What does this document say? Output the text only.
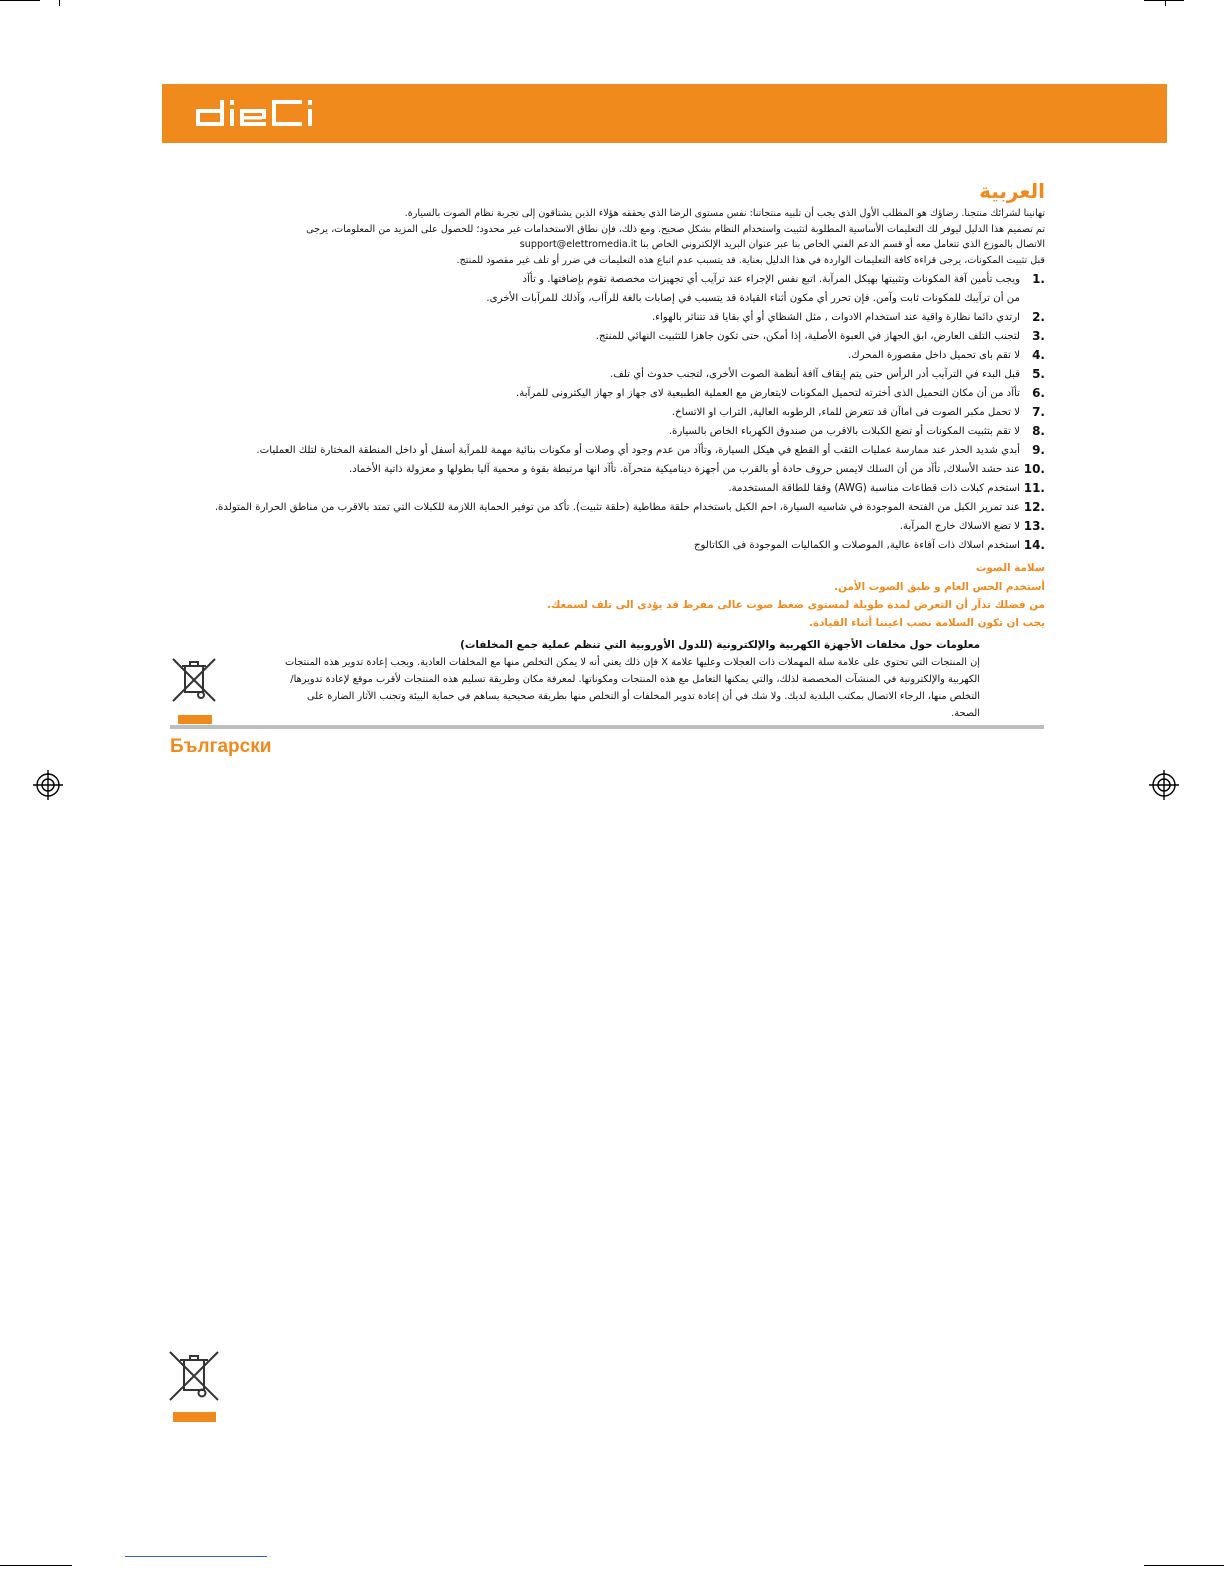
العربية
تهانينا لشرائك منتجنا. رضاؤك هو المطلب الأول الذي يجب أن تلبيه منتجاتنا: نفس مستوى الرضا الذي يحققه هؤلاء الذين يشتاقون إلى تجربة نظام الصوت بالسيارة.
تم تصميم هذا الدليل ليوفر لك التعليمات الأساسية المطلوبة لتثبيت واستخدام النظام بشكل صحيح. ومع ذلك، فإن نطاق الاستخدامات غير محدود؛ للحصول على المزيد من المعلومات، يرجى
الاتصال بالموزع الذي تتعامل معه أو قسم الدعم الفني الخاص بنا عبر عنوان البريد الإلكتروني الخاص بنا support@elettromedia.it
قبل تثبيت المكونات، يرجى قراءة كافة التعليمات الواردة في هذا الدليل بعناية. قد يتسبب عدم اتباع هذه التعليمات في ضرر أو تلف غير مقصود للمنتج.
1.
ويجب تأمين آفة المكونات وتثبيتها بهيكل المرآبة. اتبع نفس الإجراء عند ترآيب أي تجهيزات مخصصة تقوم بإضافتها. و تأآد
من أن ترآيبك للمكونات ثابت وآمن. فإن تحرر أي مكون أثناء القيادة قد يتسبب في إصابات بالغة للرآاب، وآذلك للمرآبات الأخرى.
2.
ارتدي دائما نظارة واقية عند استخدام الادوات , مثل الشظاي أو أي بقايا قد تتناثر بالهواء.
3.
لتجنب التلف العارض، ابق الجهاز في العبوة الأصلية، إذا أمكن، حتى تكون جاهزا للتثبيت النهائي للمنتج.
4.
لا تقم باى تحميل داخل مقصورة المحرك.
5.
قبل البدء في الترآيب أدر الرأس حتى يتم إيقاف آافة أنظمة الصوت الأخرى، لتجنب حدوث أي تلف.
6.
تأآد من أن مكان التحميل الذى أخترته لتحميل المكونات لايتعارض مع العملية الطبيعية لاى جهاز او جهاز اليكترونى للمرآبة.
7.
لا تحمل مكبر الصوت فى اماآن قد تتعرض للماء, الرطوبه العالية, التراب او الاتساخ.
8.
لا تقم بتثبيت المكونات أو تضع الكبلات بالاقرب من صندوق الكهرباء الخاص بالسيارة.
9.
أبدي شديد الحذر عند ممارسة عمليات الثقب أو القطع في هيكل السيارة، وتأآد من عدم وجود أي وصلات أو مكونات بنائية مهمة للمرآبة أسفل أو داخل المنطقة المختارة لتلك العمليات.
10.
عند حشد الأسلاك, تأآد من أن السلك لايمس حروف حادة أو بالقرب من أجهزة ديناميكية متحرآة. تأآد انها مرتبطة بقوة و محمية آليا بطولها و معزولة ذاتية الأخماد.
11.
استخدم كبلات ذات قطاعات مناسبة (AWG) وفقا للطاقة المستخدمة.
12.
عند تمرير الكبل من الفتحة الموجودة في شاسيه السيارة، احم الكبل باستخدام حلقة مطاطية (حلقة تثبيت). تأكد من توفير الحماية اللازمة للكبلات التي تمتد بالاقرب من مناطق الحرارة المتولدة.
13.
لا تضع الاسلاك خارج المرآبة.
14.
استخدم اسلاك ذات آفاءة عالية, الموصلات و الكماليات الموجودة فى الكاتالوج
سلامة الصوت
أستخدم الحس العام و طبق الصوت الأمن.
من فضلك تذآر أن التعرض لمدة طويلة لمستوى ضغط صوت عالى مفرط قد يؤدى الى تلف لسمعك.
يجب ان تكون السلامة نصب اعيننا أثناء القيادة.
معلومات حول مخلفات الأجهزة الكهربية والإلكترونية (للدول الأوروبية التي تنظم عملية جمع المخلفات)
إن المنتجات التي تحتوي على علامة سلة المهملات ذات العجلات وعليها علامة X فإن ذلك يعني أنه لا يمكن التخلص منها مع المخلفات العادية. ويجب إعادة تدوير هذه المنتجات
الكهربية والإلكترونية في المنشآت المخصصة لذلك، والتي يمكنها التعامل مع هذه المنتجات ومكوناتها. لمعرفة مكان وطريقة تسليم هذه المنتجات لأقرب موقع لإعادة تدويرها/
التخلص منها، الرجاء الاتصال بمكتب البلدية لديك. ولا شك في أن إعادة تدوير المخلفات أو التخلص منها بطريقة صحيحية يساهم في حماية البيئة وتجنب الآثار الضارة على
الصحة.
Български
